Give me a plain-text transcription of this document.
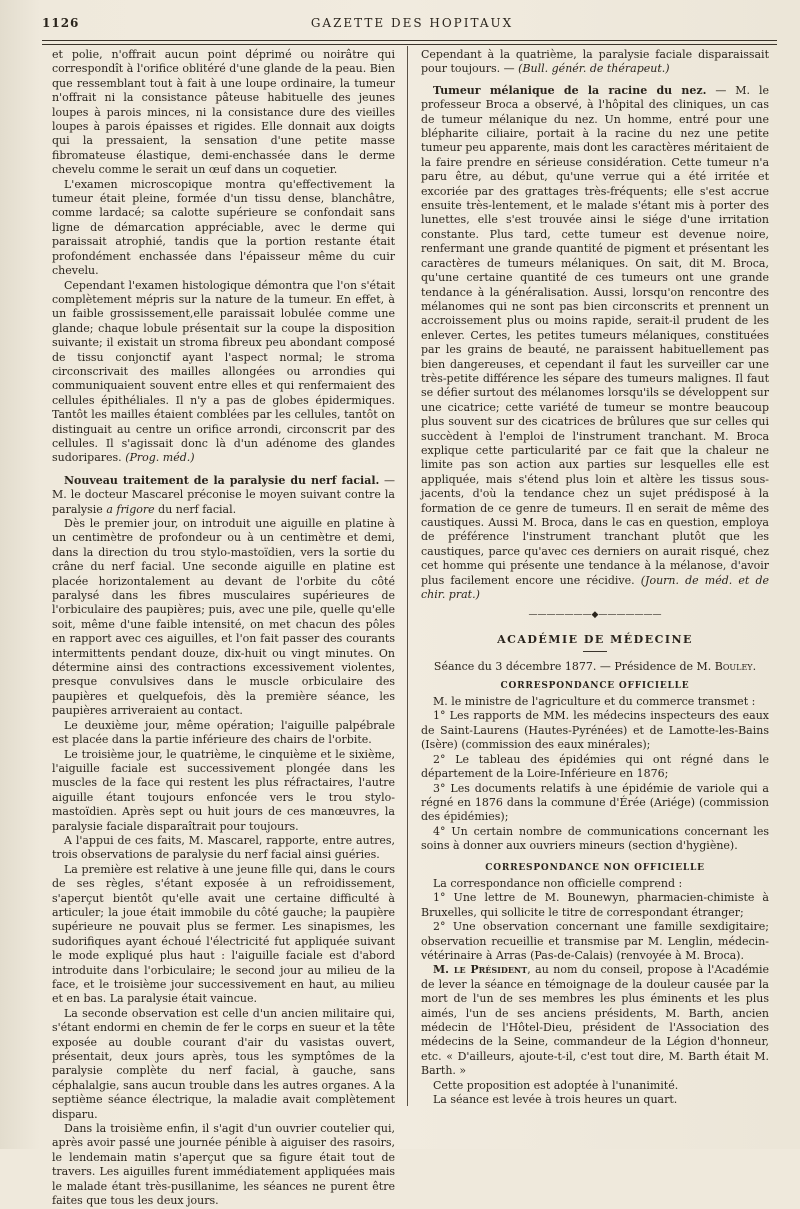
1126	GAZETTE DES HOPITAUX

et polie, n'offrait aucun point déprimé ou noirâtre qui correspondît à l'orifice oblitéré d'une glande de la peau. Bien que ressemblant tout à fait à une loupe ordinaire, la tumeur n'offrait ni la consistance pâteuse habituelle des jeunes loupes à parois minces, ni la consistance dure des vieilles loupes à parois épaisses et rigides. Elle donnait aux doigts qui la pressaient, la sensation d'une petite masse fibromateuse élastique, demi-enchassée dans le derme chevelu comme le serait un œuf dans un coquetier.

L'examen microscopique montra qu'effectivement la tumeur était pleine, formée d'un tissu dense, blanchâtre, comme lardacé; sa calotte supérieure se confondait sans ligne de démarcation appréciable, avec le derme qui paraissait atrophié, tandis que la portion restante était profondément enchassée dans l'épaisseur même du cuir chevelu.

Cependant l'examen histologique démontra que l'on s'était complètement mépris sur la nature de la tumeur. En effet, à un faible grossissement,elle paraissait lobulée comme une glande; chaque lobule présentait sur la coupe la disposition suivante; il existait un stroma fibreux peu abondant composé de tissu conjonctif ayant l'aspect normal; le stroma circonscrivait des mailles allongées ou arrondies qui communiquaient souvent entre elles et qui renfermaient des cellules épithéliales. Il n'y a pas de globes épidermiques. Tantôt les mailles étaient comblées par les cellules, tantôt on distinguait au centre un orifice arrondi, circonscrit par des cellules. Il s'agissait donc là d'un adénome des glandes sudoripares. (Prog. méd.)

Nouveau traitement de la paralysie du nerf facial. — M. le docteur Mascarel préconise le moyen suivant contre la paralysie a frigore du nerf facial.

Dès le premier jour, on introduit une aiguille en platine à un centimètre de profondeur ou à un centimètre et demi, dans la direction du trou stylo-mastoïdien, vers la sortie du crâne du nerf facial. Une seconde aiguille en platine est placée horizontalement au devant de l'orbite du côté paralysé dans les fibres musculaires supérieures de l'orbiculaire des paupières; puis, avec une pile, quelle qu'elle soit, même d'une faible intensité, on met chacun des pôles en rapport avec ces aiguilles, et l'on fait passer des courants intermittents pendant douze, dix-huit ou vingt minutes. On détermine ainsi des contractions excessivement violentes, presque convulsives dans le muscle orbiculaire des paupières et quelquefois, dès la première séance, les paupières arriveraient au contact.

Le deuxième jour, même opération; l'aiguille palpébrale est placée dans la partie inférieure des chairs de l'orbite.

Le troisième jour, le quatrième, le cinquième et le sixième, l'aiguille faciale est successivement plongée dans les muscles de la face qui restent les plus réfractaires, l'autre aiguille étant toujours enfoncée vers le trou stylo-mastoïdien. Après sept ou huit jours de ces manœuvres, la paralysie faciale disparaîtrait pour toujours.

A l'appui de ces faits, M. Mascarel, rapporte, entre autres, trois observations de paralysie du nerf facial ainsi guéries.

La première est relative à une jeune fille qui, dans le cours de ses règles, s'étant exposée à un refroidissement, s'aperçut bientôt qu'elle avait une certaine difficulté à articuler; la joue était immobile du côté gauche; la paupière supérieure ne pouvait plus se fermer. Les sinapismes, les sudorifiques ayant échoué l'électricité fut appliquée suivant le mode expliqué plus haut : l'aiguille faciale est d'abord introduite dans l'orbiculaire; le second jour au milieu de la face, et le troisième jour successivement en haut, au milieu et en bas. La paralysie était vaincue.

La seconde observation est celle d'un ancien militaire qui, s'étant endormi en chemin de fer le corps en sueur et la tête exposée au double courant d'air du vasistas ouvert, présentait, deux jours après, tous les symptômes de la paralysie complète du nerf facial, à gauche, sans céphalalgie, sans aucun trouble dans les autres organes. A la septième séance électrique, la maladie avait complètement disparu.

Dans la troisième enfin, il s'agit d'un ouvrier coutelier qui, après avoir passé une journée pénible à aiguiser des rasoirs, le lendemain matin s'aperçut que sa figure était tout de travers. Les aiguilles furent immédiatement appliquées mais le malade étant très-pusillanime, les séances ne purent être faites que tous les deux jours.

Cependant à la quatrième, la paralysie faciale disparaissait pour toujours. — (Bull. génér. de thérapeut.)

Tumeur mélanique de la racine du nez. — M. le professeur Broca a observé, à l'hôpital des cliniques, un cas de tumeur mélanique du nez. Un homme, entré pour une blépharite ciliaire, portait à la racine du nez une petite tumeur peu apparente, mais dont les caractères méritaient de la faire prendre en sérieuse considération. Cette tumeur n'a paru être, au début, qu'une verrue qui a été irritée et excoriée par des grattages très-fréquents; elle s'est accrue ensuite très-lentement, et le malade s'étant mis à porter des lunettes, elle s'est trouvée ainsi le siége d'une irritation constante. Plus tard, cette tumeur est devenue noire, renfermant une grande quantité de pigment et présentant les caractères de tumeurs mélaniques. On sait, dit M. Broca, qu'une certaine quantité de ces tumeurs ont une grande tendance à la généralisation. Aussi, lorsqu'on rencontre des mélanomes qui ne sont pas bien circonscrits et prennent un accroissement plus ou moins rapide, serait-il prudent de les enlever. Certes, les petites tumeurs mélaniques, constituées par les grains de beauté, ne paraissent habituellement pas bien dangereuses, et cependant il faut les surveiller car une très-petite différence les sépare des tumeurs malignes. Il faut se défier surtout des mélanomes lorsqu'ils se développent sur une cicatrice; cette variété de tumeur se montre beaucoup plus souvent sur des cicatrices de brûlures que sur celles qui succèdent à l'emploi de l'instrument tranchant. M. Broca explique cette particularité par ce fait que la chaleur ne limite pas son action aux parties sur lesquelles elle est appliquée, mais s'étend plus loin et altère les tissus sous-jacents, d'où la tendance chez un sujet prédisposé à la formation de ce genre de tumeurs. Il en serait de même des caustiques. Aussi M. Broca, dans le cas en question, employa de préférence l'instrument tranchant plutôt que les caustiques, parce qu'avec ces derniers on aurait risqué, chez cet homme qui présente une tendance à la mélanose, d'avoir plus facilement encore une récidive. (Journ. de méd. et de chir. prat.)

———————◆———————
ACADÉMIE DE MÉDECINE

Séance du 3 décembre 1877. — Présidence de M. Bouley.

CORRESPONDANCE OFFICIELLE

M. le ministre de l'agriculture et du commerce transmet :

1° Les rapports de MM. les médecins inspecteurs des eaux de Saint-Laurens (Hautes-Pyrénées) et de Lamotte-les-Bains (Isère) (commission des eaux minérales);

2° Le tableau des épidémies qui ont régné dans le département de la Loire-Inférieure en 1876;

3° Les documents relatifs à une épidémie de variole qui a régné en 1876 dans la commune d'Érée (Ariége) (commission des épidémies);

4° Un certain nombre de communications concernant les soins à donner aux ouvriers mineurs (section d'hygiène).

CORRESPONDANCE NON OFFICIELLE

La correspondance non officielle comprend :

1° Une lettre de M. Bounewyn, pharmacien-chimiste à Bruxelles, qui sollicite le titre de correspondant étranger;

2° Une observation concernant une famille sexdigitaire; observation recueillie et transmise par M. Lenglin, médecin-vétérinaire à Arras (Pas-de-Calais) (renvoyée à M. Broca).

M. le Président, au nom du conseil, propose à l'Académie de lever la séance en témoignage de la douleur causée par la mort de l'un de ses membres les plus éminents et les plus aimés, l'un de ses anciens présidents, M. Barth, ancien médecin de l'Hôtel-Dieu, président de l'Association des médecins de la Seine, commandeur de la Légion d'honneur, etc. « D'ailleurs, ajoute-t-il, c'est tout dire, M. Barth était M. Barth. »

Cette proposition est adoptée à l'unanimité.

La séance est levée à trois heures un quart.
